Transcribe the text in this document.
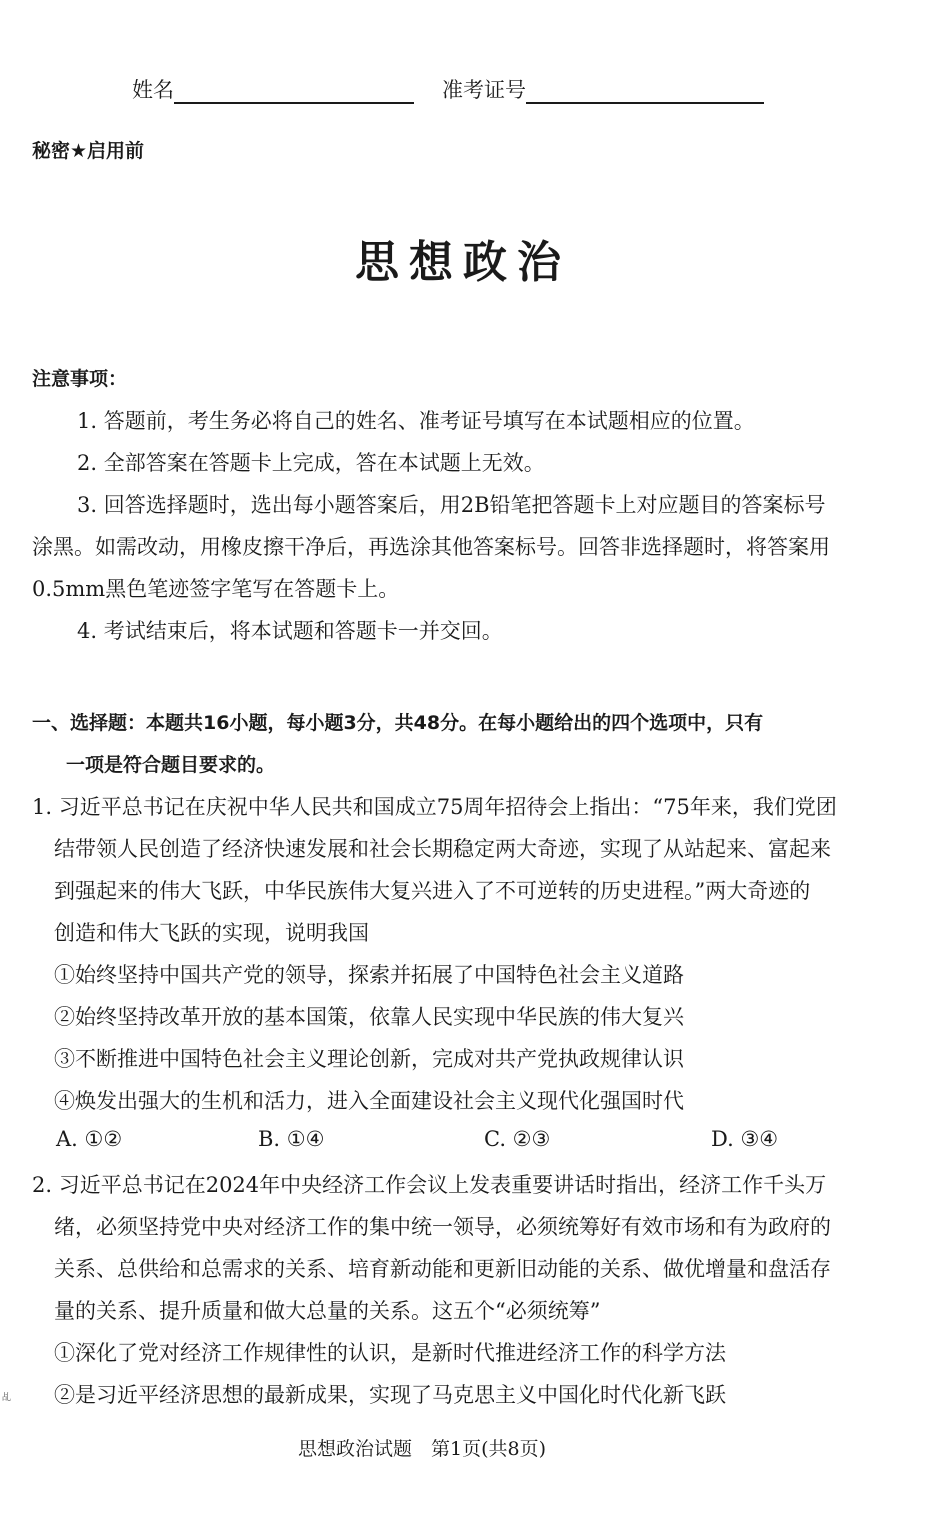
姓名	准考证号
秘密★启用前
思想政治
注意事项：
1. 答题前，考生务必将自己的姓名、准考证号填写在本试题相应的位置。
2. 全部答案在答题卡上完成，答在本试题上无效。
3. 回答选择题时，选出每小题答案后，用2B铅笔把答题卡上对应题目的答案标号
涂黑。如需改动，用橡皮擦干净后，再选涂其他答案标号。回答非选择题时，将答案用
0.5mm黑色笔迹签字笔写在答题卡上。
4. 考试结束后，将本试题和答题卡一并交回。
一、选择题：本题共16小题，每小题3分，共48分。在每小题给出的四个选项中，只有
一项是符合题目要求的。
1. 习近平总书记在庆祝中华人民共和国成立75周年招待会上指出：“75年来，我们党团
结带领人民创造了经济快速发展和社会长期稳定两大奇迹，实现了从站起来、富起来
到强起来的伟大飞跃，中华民族伟大复兴进入了不可逆转的历史进程。”两大奇迹的
创造和伟大飞跃的实现，说明我国
①始终坚持中国共产党的领导，探索并拓展了中国特色社会主义道路
②始终坚持改革开放的基本国策，依靠人民实现中华民族的伟大复兴
③不断推进中国特色社会主义理论创新，完成对共产党执政规律认识
④焕发出强大的生机和活力，进入全面建设社会主义现代化强国时代
A. ①②	B. ①④	C. ②③	D. ③④
2. 习近平总书记在2024年中央经济工作会议上发表重要讲话时指出，经济工作千头万
绪，必须坚持党中央对经济工作的集中统一领导，必须统筹好有效市场和有为政府的
关系、总供给和总需求的关系、培育新动能和更新旧动能的关系、做优增量和盘活存
量的关系、提升质量和做大总量的关系。这五个“必须统筹”
①深化了党对经济工作规律性的认识，是新时代推进经济工作的科学方法
②是习近平经济思想的最新成果，实现了马克思主义中国化时代化新飞跃
乩
思想政治试题　第1页(共8页)
